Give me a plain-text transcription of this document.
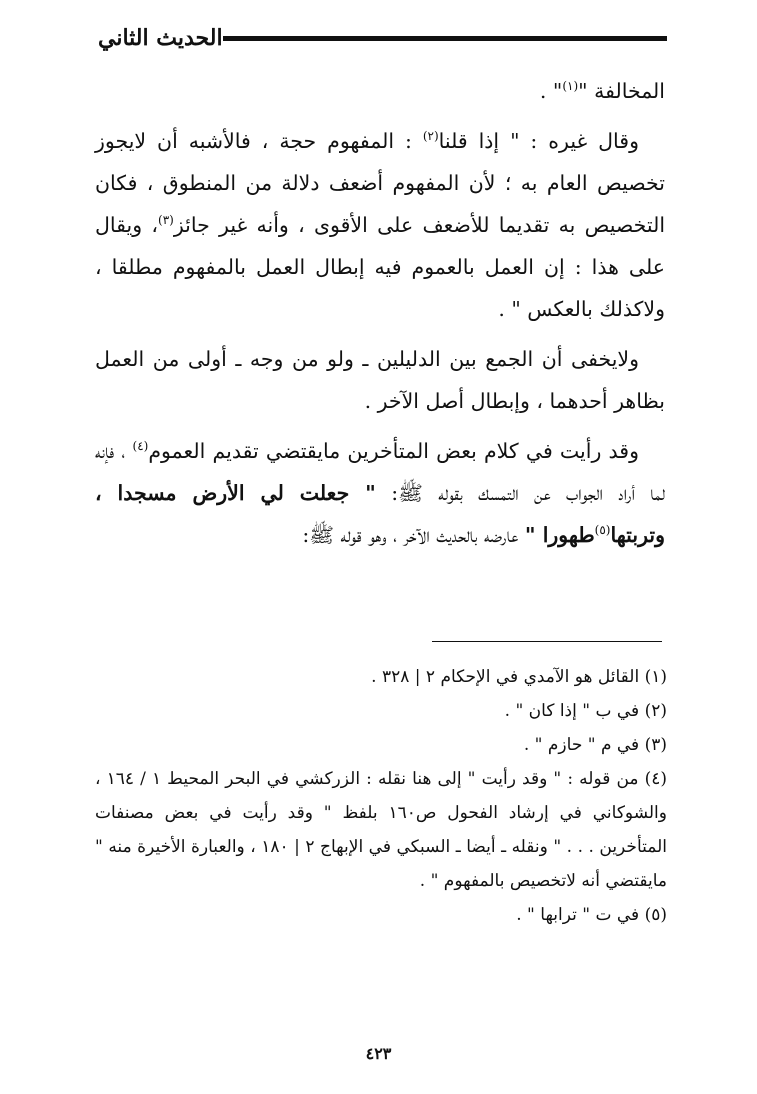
الحديث الثاني

المخالفة "$^{(١)}$" .

وقال غيره : " إذا قلنا$^{(٢)}$ : المفهوم حجة ، فالأشبه أن لايجوز تخصيص العام به ؛ لأن المفهوم أضعف دلالة من المنطوق ، فكان التخصيص به تقديما للأضعف على الأقوى ، وأنه غير جائز$^{(٣)}$، ويقال على هذا : إن العمل بالعموم فيه إبطال العمل بالمفهوم مطلقا ، ولاكذلك بالعكس " .

ولايخفى أن الجمع بين الدليلين ـ ولو من وجه ـ أولى من العمل بظاهر أحدهما ، وإبطال أصل الآخر .

وقد رأيت في كلام بعض المتأخرين مايقتضي تقديم العموم$^{(٤)}$ ، فإنه لما أراد الجواب عن التمسك بقوله ﷺ: " جعلت لي الأرض مسجدا ، وتربتها$^{(٥)}$طهورا " عارضه بالحديث الآخر ، وهو قوله ﷺ:

(١) القائل هو الآمدي في الإحكام ٢ | ٣٢٨ .

(٢) في ب " إذا كان " .

(٣) في م " حازم " .

(٤) من قوله : " وقد رأيت " إلى هنا نقله : الزركشي في البحر المحيط ١ / ١٦٤ ، والشوكاني في إرشاد الفحول ص١٦٠ بلفظ " وقد رأيت في بعض مصنفات المتأخرين . . . " ونقله ـ أيضا ـ السبكي في الإبهاج ٢ | ١٨٠ ، والعبارة الأخيرة منه " مايقتضي أنه لاتخصيص بالمفهوم " .

(٥) في ت " ترابها " .

٤٢٣
